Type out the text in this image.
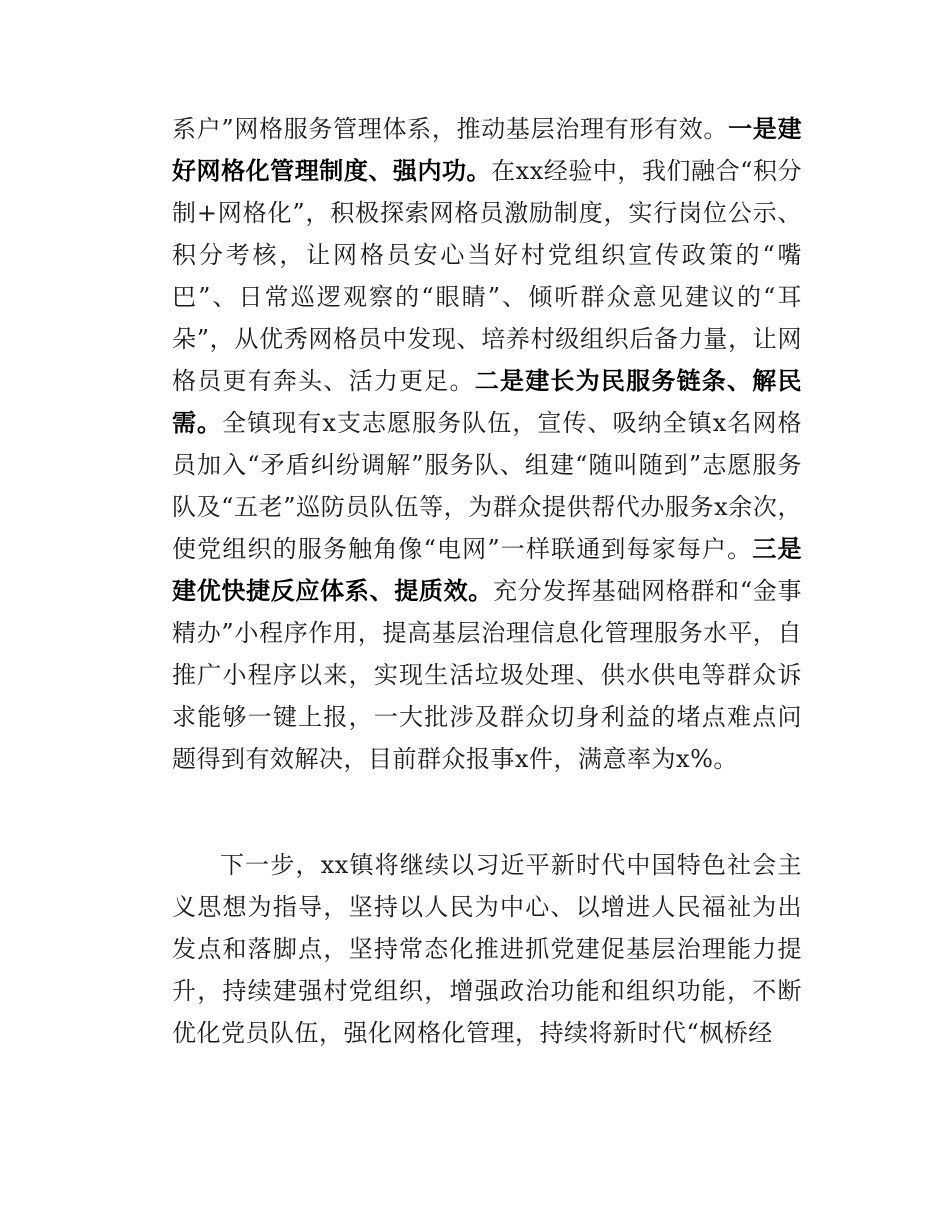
系户”网格服务管理体系，推动基层治理有形有效。一是建好网格化管理制度、强内功。在xx经验中，我们融合“积分制+网格化”，积极探索网格员激励制度，实行岗位公示、积分考核，让网格员安心当好村党组织宣传政策的“嘴巴”、日常巡逻观察的“眼睛”、倾听群众意见建议的“耳朵”，从优秀网格员中发现、培养村级组织后备力量，让网格员更有奔头、活力更足。二是建长为民服务链条、解民需。全镇现有x支志愿服务队伍，宣传、吸纳全镇x名网格员加入“矛盾纠纷调解”服务队、组建“随叫随到”志愿服务队及“五老”巡防员队伍等，为群众提供帮代办服务x余次，使党组织的服务触角像“电网”一样联通到每家每户。三是建优快捷反应体系、提质效。充分发挥基础网格群和“金事精办”小程序作用，提高基层治理信息化管理服务水平，自推广小程序以来，实现生活垃圾处理、供水供电等群众诉求能够一键上报，一大批涉及群众切身利益的堵点难点问题得到有效解决，目前群众报事x件，满意率为x%。

下一步，xx镇将继续以习近平新时代中国特色社会主义思想为指导，坚持以人民为中心、以增进人民福祉为出发点和落脚点，坚持常态化推进抓党建促基层治理能力提升，持续建强村党组织，增强政治功能和组织功能，不断优化党员队伍，强化网格化管理，持续将新时代“枫桥经
